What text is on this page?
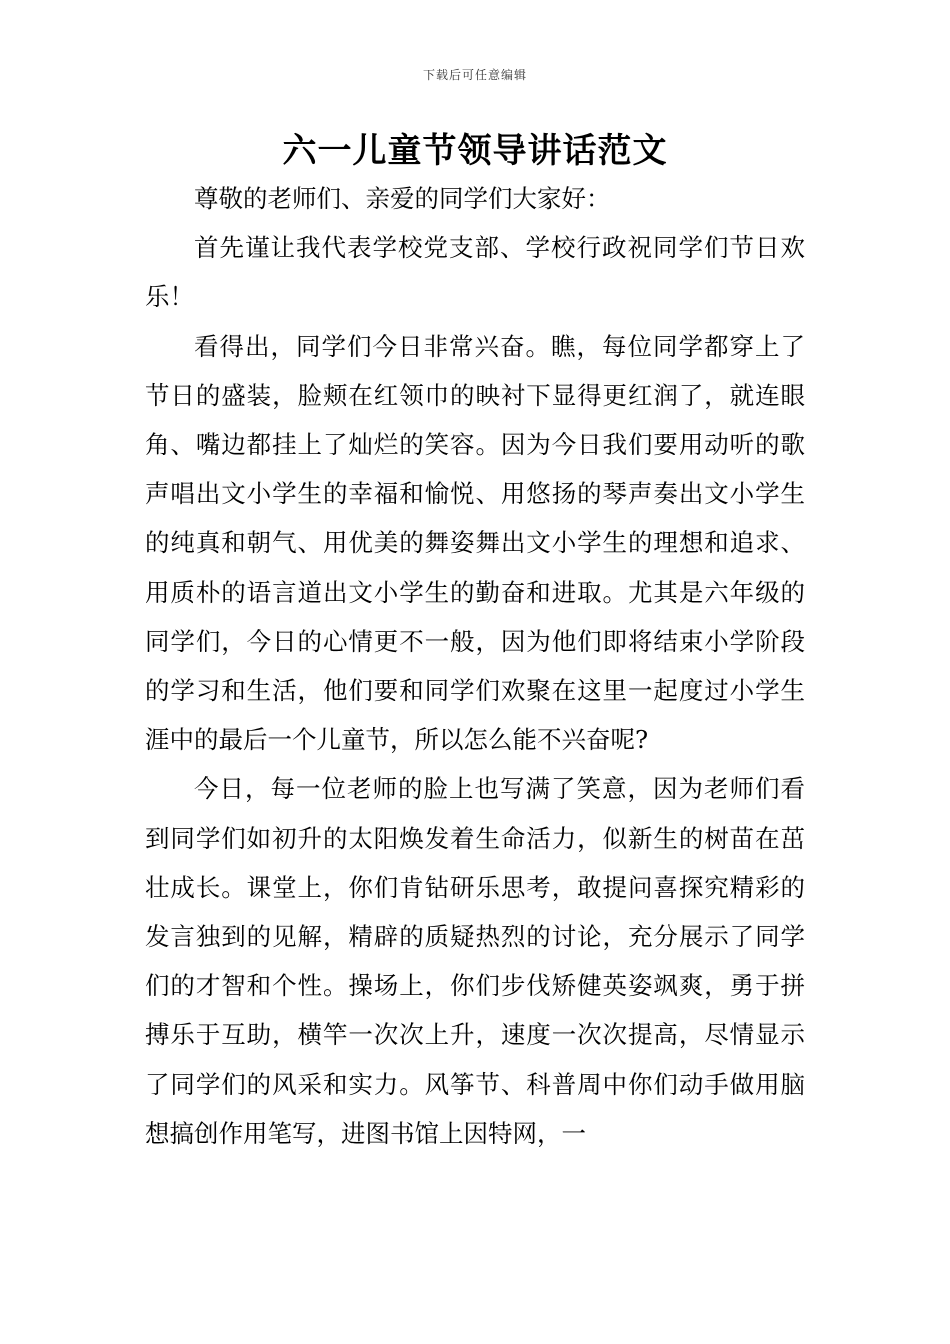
下载后可任意编辑
六一儿童节领导讲话范文

尊敬的老师们、亲爱的同学们大家好：

首先谨让我代表学校党支部、学校行政祝同学们节日欢乐！

看得出，同学们今日非常兴奋。瞧，每位同学都穿上了节日的盛装，脸颊在红领巾的映衬下显得更红润了，就连眼角、嘴边都挂上了灿烂的笑容。因为今日我们要用动听的歌声唱出文小学生的幸福和愉悦、用悠扬的琴声奏出文小学生的纯真和朝气、用优美的舞姿舞出文小学生的理想和追求、用质朴的语言道出文小学生的勤奋和进取。尤其是六年级的同学们，今日的心情更不一般，因为他们即将结束小学阶段的学习和生活，他们要和同学们欢聚在这里一起度过小学生涯中的最后一个儿童节，所以怎么能不兴奋呢?

今日，每一位老师的脸上也写满了笑意，因为老师们看到同学们如初升的太阳焕发着生命活力，似新生的树苗在茁壮成长。课堂上，你们肯钻研乐思考，敢提问喜探究精彩的发言独到的见解，精辟的质疑热烈的讨论，充分展示了同学们的才智和个性。操场上，你们步伐矫健英姿飒爽，勇于拼搏乐于互助，横竿一次次上升，速度一次次提高，尽情显示了同学们的风采和实力。风筝节、科普周中你们动手做用脑想搞创作用笔写，进图书馆上因特网，一
